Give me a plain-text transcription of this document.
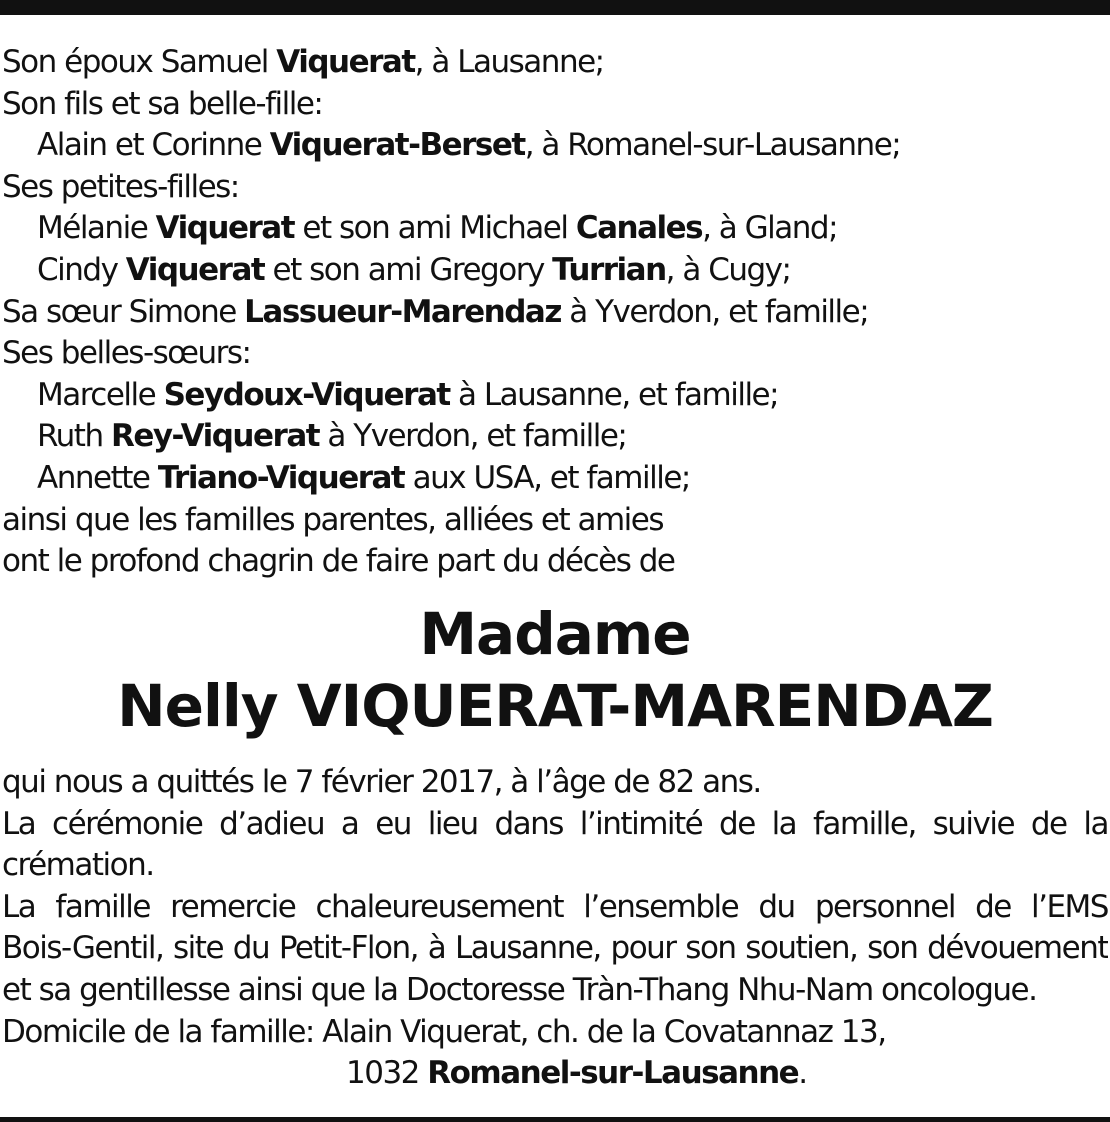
Son époux Samuel Viquerat, à Lausanne;
Son fils et sa belle-fille:
Alain et Corinne Viquerat-Berset, à Romanel-sur-Lausanne;
Ses petites-filles:
Mélanie Viquerat et son ami Michael Canales, à Gland;
Cindy Viquerat et son ami Gregory Turrian, à Cugy;
Sa sœur Simone Lassueur-Marendaz à Yverdon, et famille;
Ses belles-sœurs:
Marcelle Seydoux-Viquerat à Lausanne, et famille;
Ruth Rey-Viquerat à Yverdon, et famille;
Annette Triano-Viquerat aux USA, et famille;
ainsi que les familles parentes, alliées et amies
ont le profond chagrin de faire part du décès de
Madame
Nelly VIQUERAT-MARENDAZ
qui nous a quittés le 7 février 2017, à l’âge de 82 ans.
La cérémonie d’adieu a eu lieu dans l’intimité de la famille, suivie de la
crémation.
La famille remercie chaleureusement l’ensemble du personnel de l’EMS
Bois-Gentil, site du Petit-Flon, à Lausanne, pour son soutien, son dévouement
et sa gentillesse ainsi que la Doctoresse Tràn-Thang Nhu-Nam oncologue.
Domicile de la famille: Alain Viquerat, ch. de la Covatannaz 13,
1032 Romanel-sur-Lausanne.
